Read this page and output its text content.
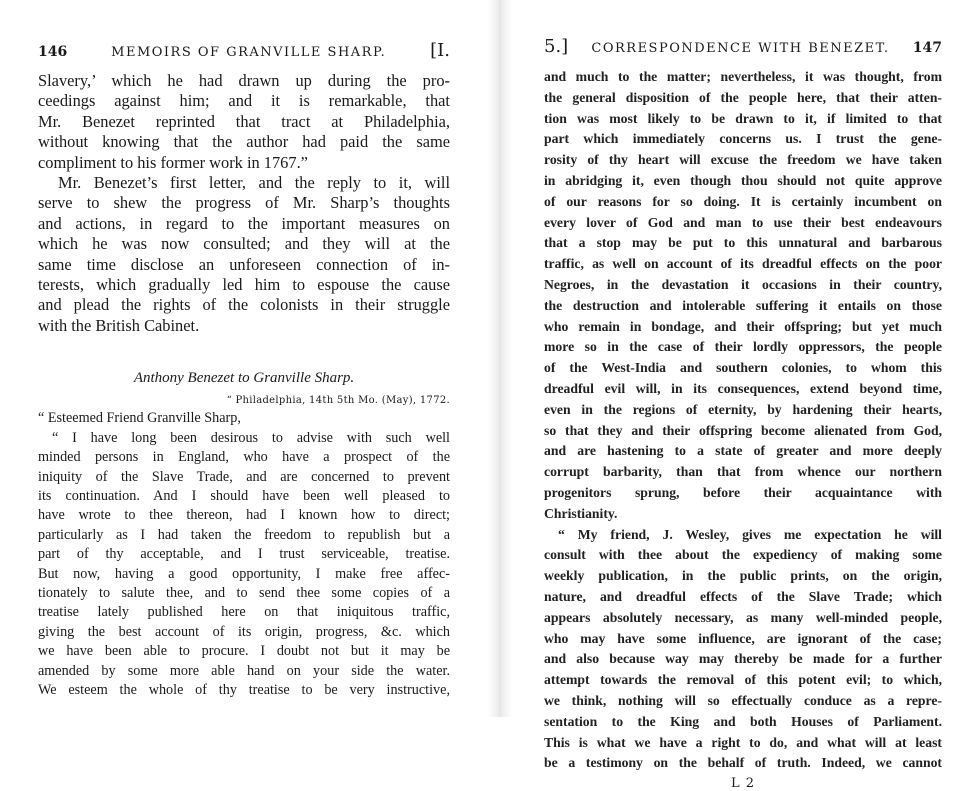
146	MEMOIRS OF GRANVILLE SHARP. [I.

Slavery,’ which he had drawn up during the pro-
ceedings against him; and it is remarkable, that
Mr. Benezet reprinted that tract at Philadelphia,
without knowing that the author had paid the same
compliment to his former work in 1767.”

Mr. Benezet’s first letter, and the reply to it, will
serve to shew the progress of Mr. Sharp’s thoughts
and actions, in regard to the important measures on
which he was now consulted; and they will at the
same time disclose an unforeseen connection of in-
terests, which gradually led him to espouse the cause
and plead the rights of the colonists in their struggle
with the British Cabinet.

Anthony Benezet to Granville Sharp.
“ Philadelphia, 14th 5th Mo. (May), 1772.

“ Esteemed Friend Granville Sharp,

“ I have long been desirous to advise with such well
minded persons in England, who have a prospect of the
iniquity of the Slave Trade, and are concerned to prevent
its continuation. And I should have been well pleased to
have wrote to thee thereon, had I known how to direct;
particularly as I had taken the freedom to republish but a
part of thy acceptable, and I trust serviceable, treatise.
But now, having a good opportunity, I make free affec-
tionately to salute thee, and to send thee some copies of a
treatise lately published here on that iniquitous traffic,
giving the best account of its origin, progress, &c. which
we have been able to procure. I doubt not but it may be
amended by some more able hand on your side the water.
We esteem the whole of thy treatise to be very instructive,

5.] CORRESPONDENCE WITH BENEZET. 147

and much to the matter; nevertheless, it was thought, from
the general disposition of the people here, that their atten-
tion was most likely to be drawn to it, if limited to that
part which immediately concerns us. I trust the gene-
rosity of thy heart will excuse the freedom we have taken
in abridging it, even though thou should not quite approve
of our reasons for so doing. It is certainly incumbent on
every lover of God and man to use their best endeavours
that a stop may be put to this unnatural and barbarous
traffic, as well on account of its dreadful effects on the poor
Negroes, in the devastation it occasions in their country,
the destruction and intolerable suffering it entails on those
who remain in bondage, and their offspring; but yet much
more so in the case of their lordly oppressors, the people
of the West-India and southern colonies, to whom this
dreadful evil will, in its consequences, extend beyond time,
even in the regions of eternity, by hardening their hearts,
so that they and their offspring become alienated from God,
and are hastening to a state of greater and more deeply
corrupt barbarity, than that from whence our northern
progenitors sprung, before their acquaintance with
Christianity.

“ My friend, J. Wesley, gives me expectation he will
consult with thee about the expediency of making some
weekly publication, in the public prints, on the origin,
nature, and dreadful effects of the Slave Trade; which
appears absolutely necessary, as many well-minded people,
who may have some influence, are ignorant of the case;
and also because way may thereby be made for a further
attempt towards the removal of this potent evil; to which,
we think, nothing will so effectually conduce as a repre-
sentation to the King and both Houses of Parliament.
This is what we have a right to do, and what will at least
be a testimony on the behalf of truth. Indeed, we cannot

L 2
